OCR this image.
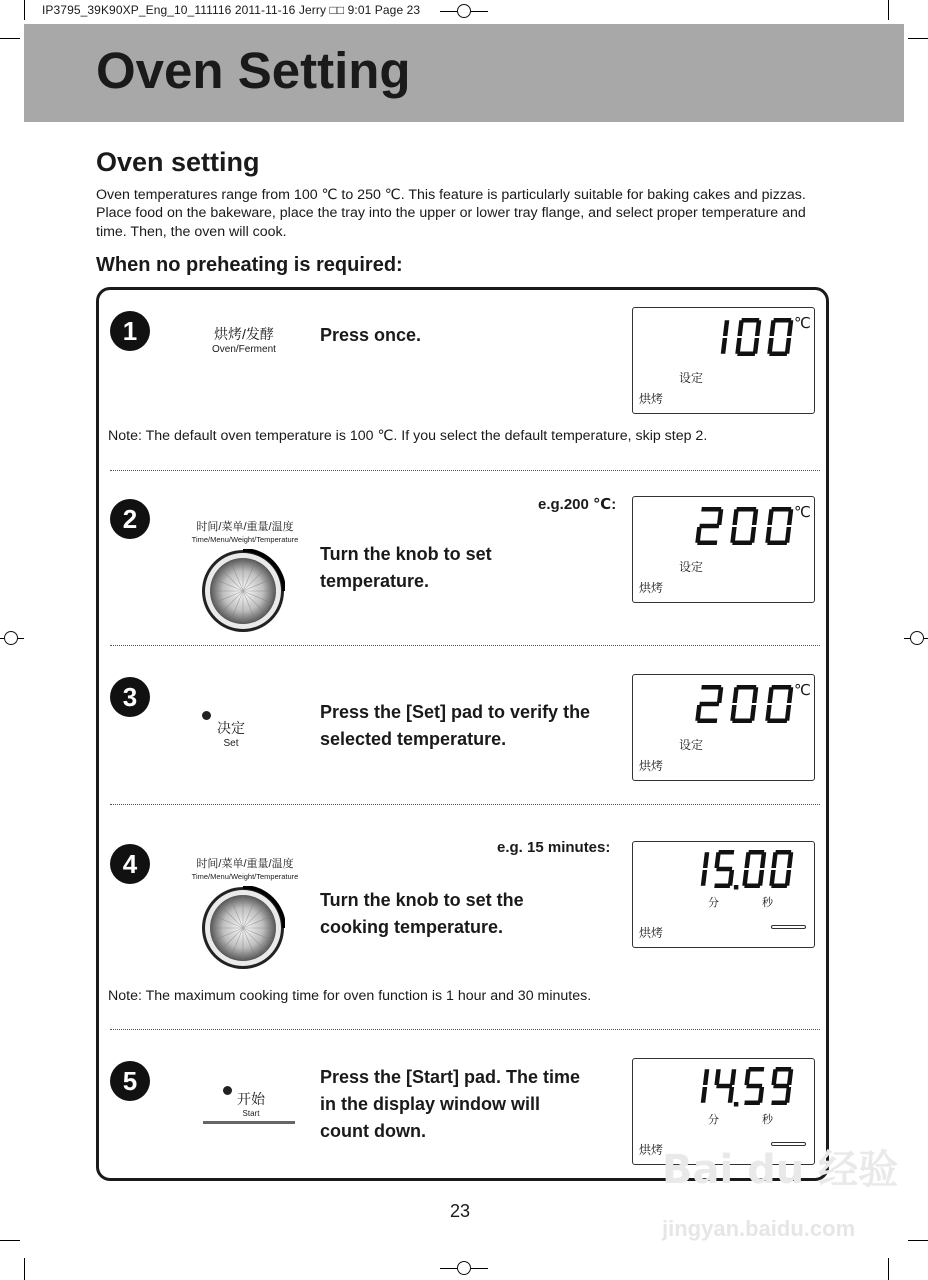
IP3795_39K90XP_Eng_10_111116 2011-11-16 Jerry □□ 9:01 Page 23
Oven Setting
Oven setting
Oven temperatures range from 100 ℃ to 250 ℃. This feature is particularly suitable for baking cakes and pizzas. Place food on the bakeware, place the tray into the upper or lower tray flange, and select proper temperature and time. Then, the oven will cook.
When no preheating is required:
1	烘烤/发酵
Oven/Ferment
Press once.
℃
设定
烘烤
Note: The default oven temperature is 100 ℃. If you select the default temperature, skip step 2.
2	时间/菜单/重量/温度
Time/Menu/Weight/Temperature
e.g.200 ℃:
Turn the knob to set temperature.
℃
设定
烘烤
3
决定
Set
Press the [Set] pad to verify the selected temperature.
℃
设定
烘烤
4	时间/菜单/重量/温度
Time/Menu/Weight/Temperature
e.g. 15 minutes:
Turn the knob to set the cooking temperature.
分	秒
烘烤
Note: The maximum cooking time for oven function is 1 hour and 30 minutes.
5
开始
Start
Press the [Start] pad. The time in the display window will count down.
分	秒
烘烤
23
Bai du 经验
jingyan.baidu.com
